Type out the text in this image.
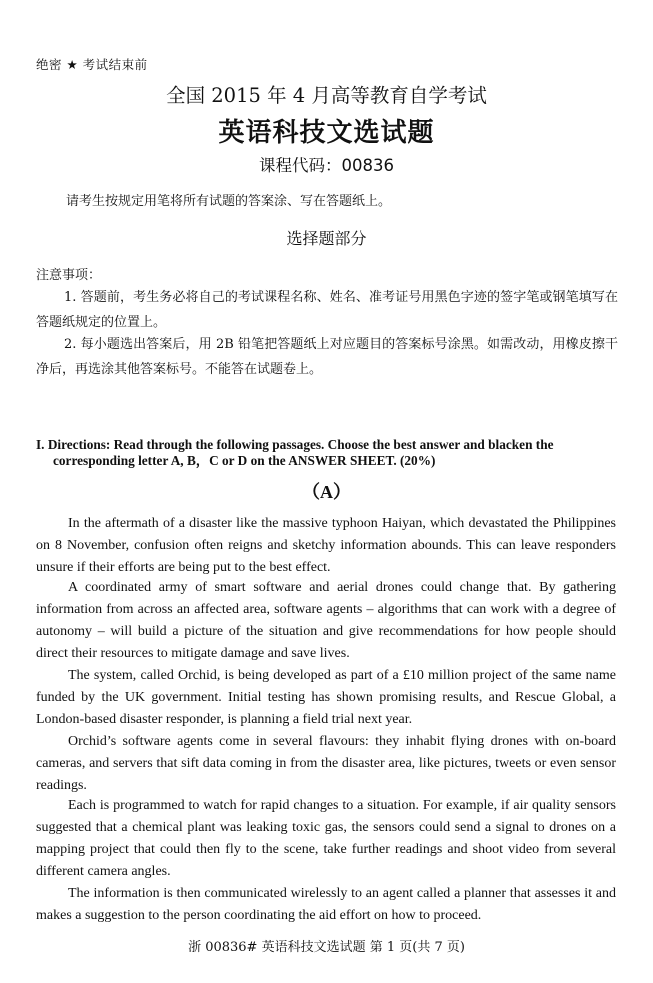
绝密 ★ 考试结束前
全国 2015 年 4 月高等教育自学考试
英语科技文选试题
课程代码：00836
请考生按规定用笔将所有试题的答案涂、写在答题纸上。
选择题部分
注意事项：
1. 答题前，考生务必将自己的考试课程名称、姓名、准考证号用黑色字迹的签字笔或钢笔填写在答题纸规定的位置上。
2. 每小题选出答案后，用 2B 铅笔把答题纸上对应题目的答案标号涂黑。如需改动，用橡皮擦干净后，再选涂其他答案标号。不能答在试题卷上。
I. Directions: Read through the following passages. Choose the best answer and blacken the
corresponding letter A, B，C or D on the ANSWER SHEET. (20%)
（A）
In the aftermath of a disaster like the massive typhoon Haiyan, which devastated the Philippines on 8 November, confusion often reigns and sketchy information abounds. This can leave responders unsure if their efforts are being put to the best effect.
A coordinated army of smart software and aerial drones could change that. By gathering information from across an affected area, software agents – algorithms that can work with a degree of autonomy – will build a picture of the situation and give recommendations for how people should direct their resources to mitigate damage and save lives.
The system, called Orchid, is being developed as part of a £10 million project of the same name funded by the UK government. Initial testing has shown promising results, and Rescue Global, a London-based disaster responder, is planning a field trial next year.
Orchid’s software agents come in several flavours: they inhabit flying drones with on-board cameras, and servers that sift data coming in from the disaster area, like pictures, tweets or even sensor readings.
Each is programmed to watch for rapid changes to a situation. For example, if air quality sensors suggested that a chemical plant was leaking toxic gas, the sensors could send a signal to drones on a mapping project that could then fly to the scene, take further readings and shoot video from several different camera angles.
The information is then communicated wirelessly to an agent called a planner that assesses it and makes a suggestion to the person coordinating the aid effort on how to proceed.
浙 00836# 英语科技文选试题 第 1 页(共 7 页)
